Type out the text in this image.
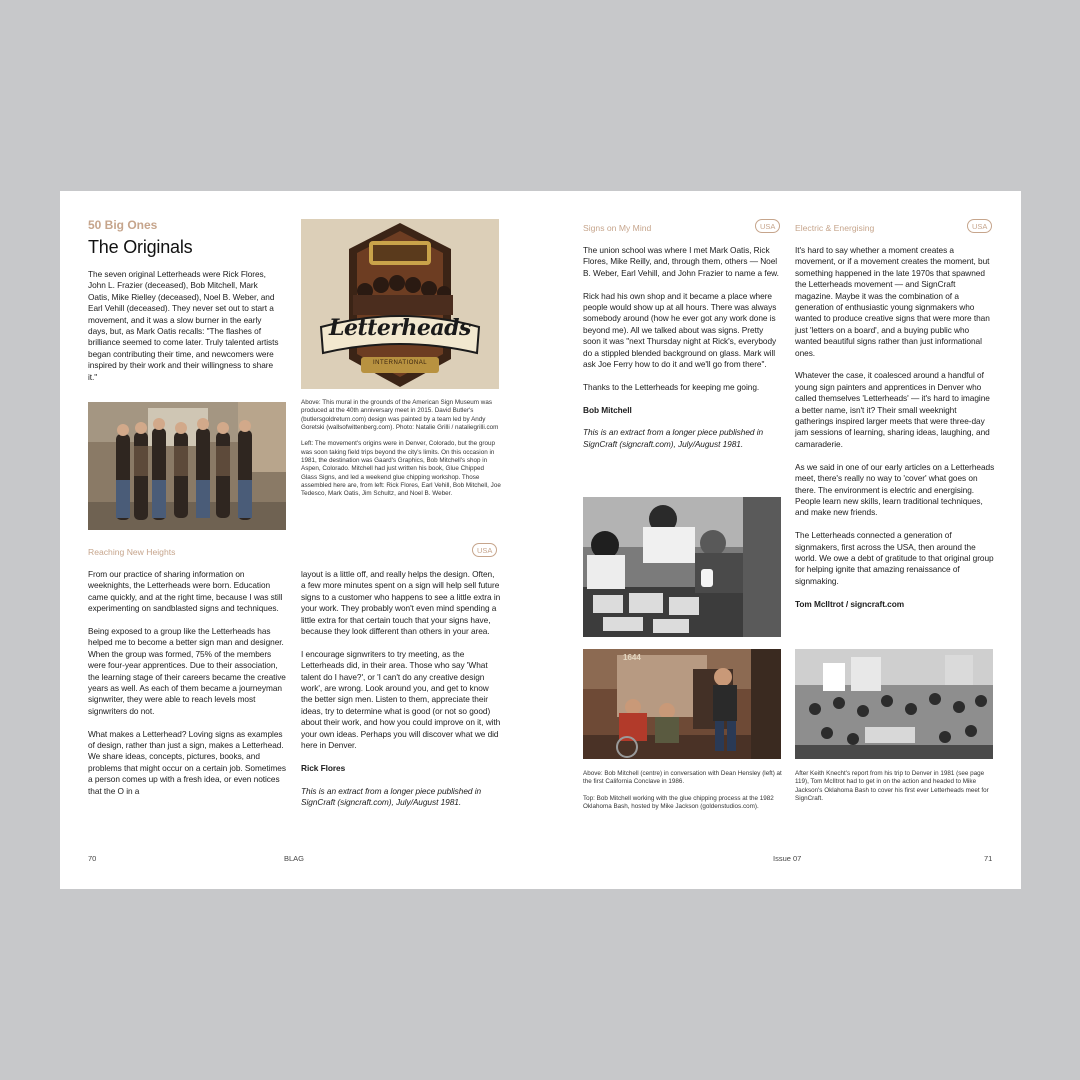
50 Big Ones
The Originals

The seven original Letterheads were Rick Flores, John L. Frazier (deceased), Bob Mitchell, Mark Oatis, Mike Rielley (deceased), Noel B. Weber, and Earl Vehill (deceased). They never set out to start a movement, and it was a slow burner in the early days, but, as Mark Oatis recalls: "The flashes of brilliance seemed to come later. Truly talented artists began contributing their time, and newcomers were inspired by their work and their willingness to share it."

Letterheads
INTERNATIONAL

Above: This mural in the grounds of the American Sign Museum was produced at the 40th anniversary meet in 2015. David Butler's (butlersgoldreturn.com) design was painted by a team led by Andy Goretski (wallsofwittenberg.com). Photo: Natalie Grilli / nataliegrilli.com

Left: The movement's origins were in Denver, Colorado, but the group was soon taking field trips beyond the city's limits. On this occasion in 1981, the destination was Gaard's Graphics, Bob Mitchell's shop in Aspen, Colorado. Mitchell had just written his book, Glue Chipped Glass Signs, and led a weekend glue chipping workshop. Those assembled here are, from left: Rick Flores, Earl Vehill, Bob Mitchell, Joe Tedesco, Mark Oatis, Jim Schultz, and Noel B. Weber.

Reaching New Heights	USA

From our practice of sharing information on weeknights, the Letterheads were born. Education came quickly, and at the right time, because I was still experimenting on sandblasted signs and techniques.

Being exposed to a group like the Letterheads has helped me to become a better sign man and designer. When the group was formed, 75% of the members were four-year apprentices. Due to their association, the learning stage of their careers became the creative years as well. As each of them became a journeyman signwriter, they were able to reach levels most signwriters do not.

What makes a Letterhead? Loving signs as examples of design, rather than just a sign, makes a Letterhead. We share ideas, concepts, pictures, books, and problems that might occur on a certain job. Sometimes a person comes up with a fresh idea, or even notices that the O in a

layout is a little off, and really helps the design. Often, a few more minutes spent on a sign will help sell future signs to a customer who happens to see a little extra in your work. They probably won't even mind spending a little extra for that certain touch that your signs have, because they look different than others in your area.

I encourage signwriters to try meeting, as the Letterheads did, in their area. Those who say 'What talent do I have?', or 'I can't do any creative design work', are wrong. Look around you, and get to know the better sign men. Listen to them, appreciate their ideas, try to determine what is good (or not so good) about their work, and how you could improve on it, with your own ideas. Perhaps you will discover what we did here in Denver.

Rick Flores

This is an extract from a longer piece published in SignCraft (signcraft.com), July/August 1981.

70	BLAG
Signs on My Mind	USA	Electric & Energising	USA

The union school was where I met Mark Oatis, Rick Flores, Mike Reilly, and, through them, others — Noel B. Weber, Earl Vehill, and John Frazier to name a few.

Rick had his own shop and it became a place where people would show up at all hours. There was always somebody around (how he ever got any work done is beyond me). All we talked about was signs. Pretty soon it was "next Thursday night at Rick's, everybody do a stippled blended background on glass. Mark will ask Joe Ferry how to do it and we'll go from there".

Thanks to the Letterheads for keeping me going.

Bob Mitchell

This is an extract from a longer piece published in SignCraft (signcraft.com), July/August 1981.

It's hard to say whether a moment creates a movement, or if a movement creates the moment, but something happened in the late 1970s that spawned the Letterheads movement — and SignCraft magazine. Maybe it was the combination of a generation of enthusiastic young signmakers who wanted to produce creative signs that were more than just 'letters on a board', and a buying public who wanted beautiful signs rather than just informational ones.

Whatever the case, it coalesced around a handful of young sign painters and apprentices in Denver who called themselves 'Letterheads' — it's hard to imagine a better name, isn't it? Their small weeknight gatherings inspired larger meets that were three-day jam sessions of learning, sharing ideas, laughing, and camaraderie.

As we said in one of our early articles on a Letterheads meet, there's really no way to 'cover' what goes on there. The environment is electric and energising. People learn new skills, learn traditional techniques, and make new friends.

The Letterheads connected a generation of signmakers, first across the USA, then around the world. We owe a debt of gratitude to that original group for helping ignite that amazing renaissance of signmaking.

Tom McIltrot / signcraft.com

1644

Above: Bob Mitchell (centre) in conversation with Dean Hensley (left) at the first California Conclave in 1986.

Top: Bob Mitchell working with the glue chipping process at the 1982 Oklahoma Bash, hosted by Mike Jackson (goldenstudios.com).

After Keith Knecht's report from his trip to Denver in 1981 (see page 119), Tom McIltrot had to get in on the action and headed to Mike Jackson's Oklahoma Bash to cover his first ever Letterheads meet for SignCraft.

Issue 07	71
